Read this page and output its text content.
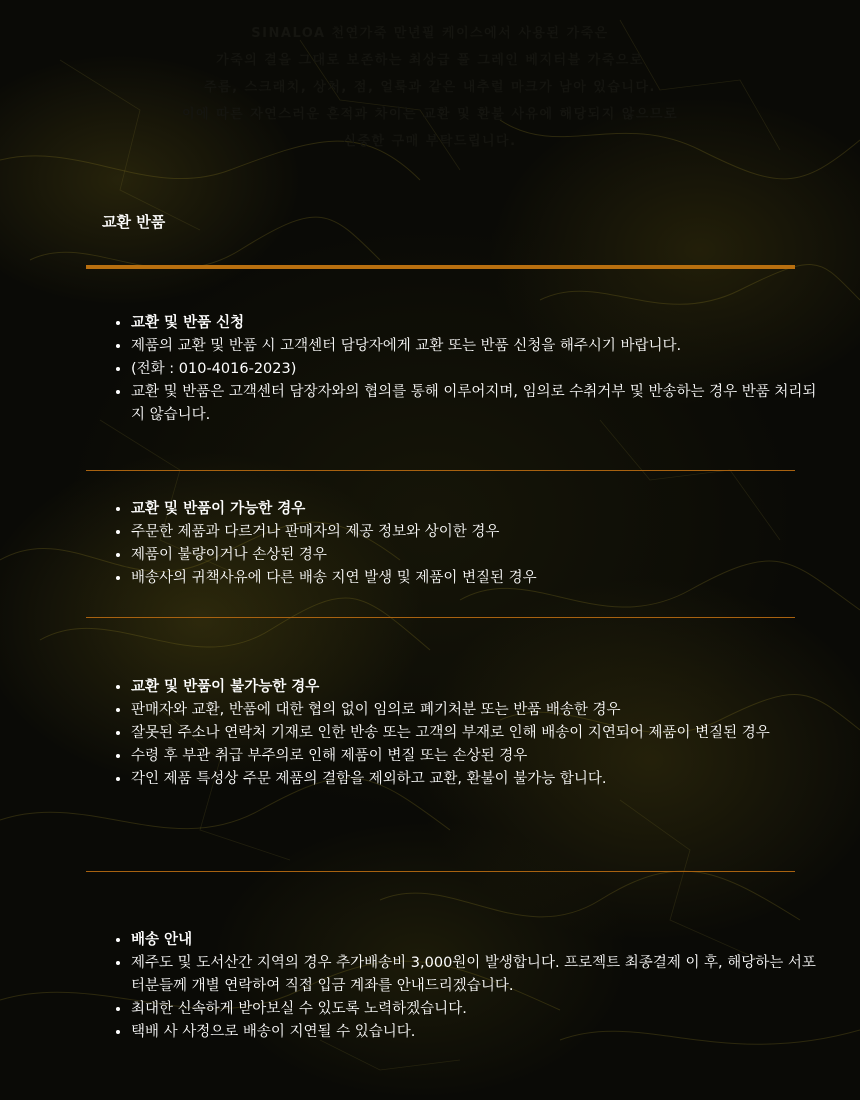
SINALOA 천연가죽 만년필 케이스에서 사용된 가죽은
가죽의 결을 그대로 보존하는 최상급 풀 그레인 베지터블 가죽으로
주름, 스크래치, 상처, 점, 얼룩과 같은 내추럴 마크가 남아 있습니다.
이에 따른 자연스러운 흔적과 차이는 교환 및 환불 사유에 해당되지 않으므로
신중한 구매 부탁드립니다.
교환 반품
• 교환 및 반품 신청
• 제품의 교환 및 반품 시 고객센터 담당자에게 교환 또는 반품 신청을 해주시기 바랍니다.
• (전화 : 010-4016-2023)
• 교환 및 반품은 고객센터 담장자와의 협의를 통해 이루어지며, 임의로 수취거부 및 반송하는 경우 반품 처리되지 않습니다.
• 교환 및 반품이 가능한 경우
• 주문한 제품과 다르거나 판매자의 제공 정보와 상이한 경우
• 제품이 불량이거나 손상된 경우
• 배송사의 귀책사유에 다른 배송 지연 발생 및 제품이 변질된 경우
• 교환 및 반품이 불가능한 경우
• 판매자와 교환, 반품에 대한 협의 없이 임의로 폐기처분 또는 반품 배송한 경우
• 잘못된 주소나 연락처 기재로 인한 반송 또는 고객의 부재로 인해 배송이 지연되어 제품이 변질된 경우
• 수령 후 부관 취급 부주의로 인해 제품이 변질 또는 손상된 경우
• 각인 제품 특성상 주문 제품의 결함을 제외하고 교환, 환불이 불가능 합니다.
• 배송 안내
• 제주도 및 도서산간 지역의 경우 추가배송비 3,000원이 발생합니다. 프로젝트 최종결제 이 후, 해당하는 서포터분들께 개별 연락하여 직접 입금 계좌를 안내드리겠습니다.
• 최대한 신속하게 받아보실 수 있도록 노력하겠습니다.
• 택배 사 사정으로 배송이 지연될 수 있습니다.
